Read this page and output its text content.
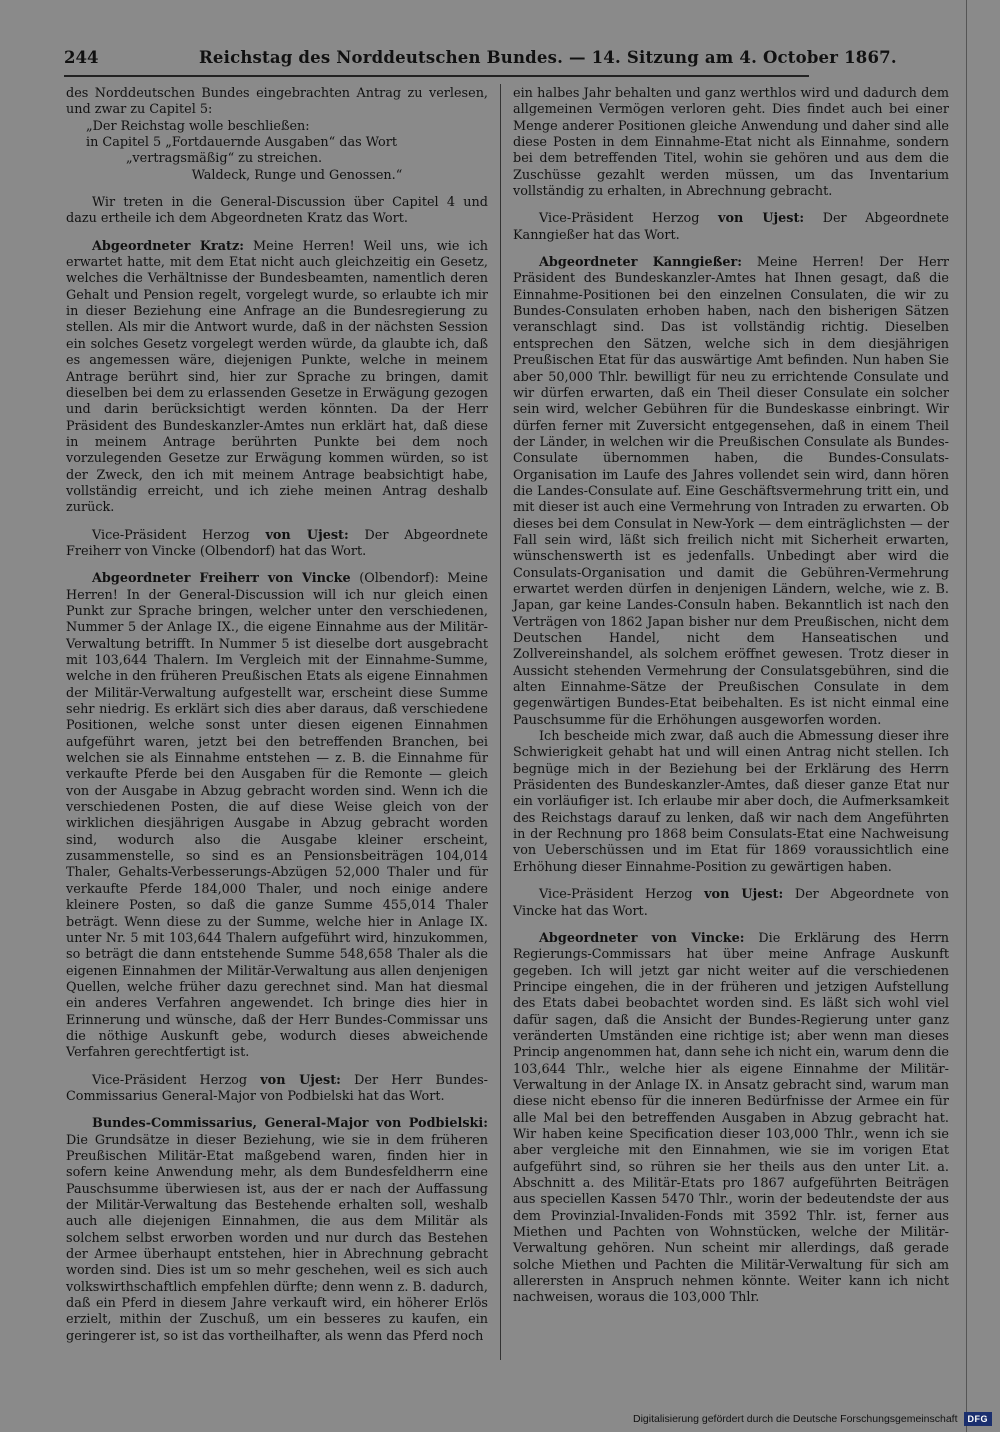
244	Reichstag des Norddeutschen Bundes. — 14. Sitzung am 4. October 1867.

des Norddeutschen Bundes eingebrachten Antrag zu verlesen, und zwar zu Capitel 5:

„Der Reichstag wolle beschließen:
in Capitel 5 „Fortdauernde Ausgaben“ das Wort
„vertragsmäßig“ zu streichen.
Waldeck, Runge und Genossen.“

Wir treten in die General-Discussion über Capitel 4 und dazu ertheile ich dem Abgeordneten Kratz das Wort.

Abgeordneter Kratz: Meine Herren! Weil uns, wie ich erwartet hatte, mit dem Etat nicht auch gleichzeitig ein Gesetz, welches die Verhältnisse der Bundesbeamten, namentlich deren Gehalt und Pension regelt, vorgelegt wurde, so erlaubte ich mir in dieser Beziehung eine Anfrage an die Bundesregierung zu stellen. Als mir die Antwort wurde, daß in der nächsten Session ein solches Gesetz vorgelegt werden würde, da glaubte ich, daß es angemessen wäre, diejenigen Punkte, welche in meinem Antrage berührt sind, hier zur Sprache zu bringen, damit dieselben bei dem zu erlassenden Gesetze in Erwägung gezogen und darin berücksichtigt werden könnten. Da der Herr Präsident des Bundeskanzler-Amtes nun erklärt hat, daß diese in meinem Antrage berührten Punkte bei dem noch vorzulegenden Gesetze zur Erwägung kommen würden, so ist der Zweck, den ich mit meinem Antrage beabsichtigt habe, vollständig erreicht, und ich ziehe meinen Antrag deshalb zurück.

Vice-Präsident Herzog von Ujest: Der Abgeordnete Freiherr von Vincke (Olbendorf) hat das Wort.

Abgeordneter Freiherr von Vincke (Olbendorf): Meine Herren! In der General-Discussion will ich nur gleich einen Punkt zur Sprache bringen, welcher unter den verschiedenen, Nummer 5 der Anlage IX., die eigene Einnahme aus der Militär-Verwaltung betrifft. In Nummer 5 ist dieselbe dort ausgebracht mit 103,644 Thalern. Im Vergleich mit der Einnahme-Summe, welche in den früheren Preußischen Etats als eigene Einnahmen der Militär-Verwaltung aufgestellt war, erscheint diese Summe sehr niedrig. Es erklärt sich dies aber daraus, daß verschiedene Positionen, welche sonst unter diesen eigenen Einnahmen aufgeführt waren, jetzt bei den betreffenden Branchen, bei welchen sie als Einnahme entstehen — z. B. die Einnahme für verkaufte Pferde bei den Ausgaben für die Remonte — gleich von der Ausgabe in Abzug gebracht worden sind. Wenn ich die verschiedenen Posten, die auf diese Weise gleich von der wirklichen diesjährigen Ausgabe in Abzug gebracht worden sind, wodurch also die Ausgabe kleiner erscheint, zusammenstelle, so sind es an Pensionsbeiträgen 104,014 Thaler, Gehalts-Verbesserungs-Abzügen 52,000 Thaler und für verkaufte Pferde 184,000 Thaler, und noch einige andere kleinere Posten, so daß die ganze Summe 455,014 Thaler beträgt. Wenn diese zu der Summe, welche hier in Anlage IX. unter Nr. 5 mit 103,644 Thalern aufgeführt wird, hinzukommen, so beträgt die dann entstehende Summe 548,658 Thaler als die eigenen Einnahmen der Militär-Verwaltung aus allen denjenigen Quellen, welche früher dazu gerechnet sind. Man hat diesmal ein anderes Verfahren angewendet. Ich bringe dies hier in Erinnerung und wünsche, daß der Herr Bundes-Commissar uns die nöthige Auskunft gebe, wodurch dieses abweichende Verfahren gerechtfertigt ist.

Vice-Präsident Herzog von Ujest: Der Herr Bundes-Commissarius General-Major von Podbielski hat das Wort.

Bundes-Commissarius, General-Major von Podbielski: Die Grundsätze in dieser Beziehung, wie sie in dem früheren Preußischen Militär-Etat maßgebend waren, finden hier in sofern keine Anwendung mehr, als dem Bundesfeldherrn eine Pauschsumme überwiesen ist, aus der er nach der Auffassung der Militär-Verwaltung das Bestehende erhalten soll, weshalb auch alle diejenigen Einnahmen, die aus dem Militär als solchem selbst erworben worden und nur durch das Bestehen der Armee überhaupt entstehen, hier in Abrechnung gebracht worden sind. Dies ist um so mehr geschehen, weil es sich auch volkswirthschaftlich empfehlen dürfte; denn wenn z. B. dadurch, daß ein Pferd in diesem Jahre verkauft wird, ein höherer Erlös erzielt, mithin der Zuschuß, um ein besseres zu kaufen, ein geringerer ist, so ist das vortheilhafter, als wenn das Pferd noch

ein halbes Jahr behalten und ganz werthlos wird und dadurch dem allgemeinen Vermögen verloren geht. Dies findet auch bei einer Menge anderer Positionen gleiche Anwendung und daher sind alle diese Posten in dem Einnahme-Etat nicht als Einnahme, sondern bei dem betreffenden Titel, wohin sie gehören und aus dem die Zuschüsse gezahlt werden müssen, um das Inventarium vollständig zu erhalten, in Abrechnung gebracht.

Vice-Präsident Herzog von Ujest: Der Abgeordnete Kanngießer hat das Wort.

Abgeordneter Kanngießer: Meine Herren! Der Herr Präsident des Bundeskanzler-Amtes hat Ihnen gesagt, daß die Einnahme-Positionen bei den einzelnen Consulaten, die wir zu Bundes-Consulaten erhoben haben, nach den bisherigen Sätzen veranschlagt sind. Das ist vollständig richtig. Dieselben entsprechen den Sätzen, welche sich in dem diesjährigen Preußischen Etat für das auswärtige Amt befinden. Nun haben Sie aber 50,000 Thlr. bewilligt für neu zu errichtende Consulate und wir dürfen erwarten, daß ein Theil dieser Consulate ein solcher sein wird, welcher Gebühren für die Bundeskasse einbringt. Wir dürfen ferner mit Zuversicht entgegensehen, daß in einem Theil der Länder, in welchen wir die Preußischen Consulate als Bundes-Consulate übernommen haben, die Bundes-Consulats-Organisation im Laufe des Jahres vollendet sein wird, dann hören die Landes-Consulate auf. Eine Geschäftsvermehrung tritt ein, und mit dieser ist auch eine Vermehrung von Intraden zu erwarten. Ob dieses bei dem Consulat in New-York — dem einträglichsten — der Fall sein wird, läßt sich freilich nicht mit Sicherheit erwarten, wünschenswerth ist es jedenfalls. Unbedingt aber wird die Consulats-Organisation und damit die Gebühren-Vermehrung erwartet werden dürfen in denjenigen Ländern, welche, wie z. B. Japan, gar keine Landes-Consuln haben. Bekanntlich ist nach den Verträgen von 1862 Japan bisher nur dem Preußischen, nicht dem Deutschen Handel, nicht dem Hanseatischen und Zollvereinshandel, als solchem eröffnet gewesen. Trotz dieser in Aussicht stehenden Vermehrung der Consulatsgebühren, sind die alten Einnahme-Sätze der Preußischen Consulate in dem gegenwärtigen Bundes-Etat beibehalten. Es ist nicht einmal eine Pauschsumme für die Erhöhungen ausgeworfen worden.

Ich bescheide mich zwar, daß auch die Abmessung dieser ihre Schwierigkeit gehabt hat und will einen Antrag nicht stellen. Ich begnüge mich in der Beziehung bei der Erklärung des Herrn Präsidenten des Bundeskanzler-Amtes, daß dieser ganze Etat nur ein vorläufiger ist. Ich erlaube mir aber doch, die Aufmerksamkeit des Reichstags darauf zu lenken, daß wir nach dem Angeführten in der Rechnung pro 1868 beim Consulats-Etat eine Nachweisung von Ueberschüssen und im Etat für 1869 voraussichtlich eine Erhöhung dieser Einnahme-Position zu gewärtigen haben.

Vice-Präsident Herzog von Ujest: Der Abgeordnete von Vincke hat das Wort.

Abgeordneter von Vincke: Die Erklärung des Herrn Regierungs-Commissars hat über meine Anfrage Auskunft gegeben. Ich will jetzt gar nicht weiter auf die verschiedenen Principe eingehen, die in der früheren und jetzigen Aufstellung des Etats dabei beobachtet worden sind. Es läßt sich wohl viel dafür sagen, daß die Ansicht der Bundes-Regierung unter ganz veränderten Umständen eine richtige ist; aber wenn man dieses Princip angenommen hat, dann sehe ich nicht ein, warum denn die 103,644 Thlr., welche hier als eigene Einnahme der Militär-Verwaltung in der Anlage IX. in Ansatz gebracht sind, warum man diese nicht ebenso für die inneren Bedürfnisse der Armee ein für alle Mal bei den betreffenden Ausgaben in Abzug gebracht hat. Wir haben keine Specification dieser 103,000 Thlr., wenn ich sie aber vergleiche mit den Einnahmen, wie sie im vorigen Etat aufgeführt sind, so rühren sie her theils aus den unter Lit. a. Abschnitt a. des Militär-Etats pro 1867 aufgeführten Beiträgen aus speciellen Kassen 5470 Thlr., worin der bedeutendste der aus dem Provinzial-Invaliden-Fonds mit 3592 Thlr. ist, ferner aus Miethen und Pachten von Wohnstücken, welche der Militär-Verwaltung gehören. Nun scheint mir allerdings, daß gerade solche Miethen und Pachten die Militär-Verwaltung für sich am allerersten in Anspruch nehmen könnte. Weiter kann ich nicht nachweisen, woraus die 103,000 Thlr.

Digitalisierung gefördert durch die Deutsche Forschungsgemeinschaft	DFG
